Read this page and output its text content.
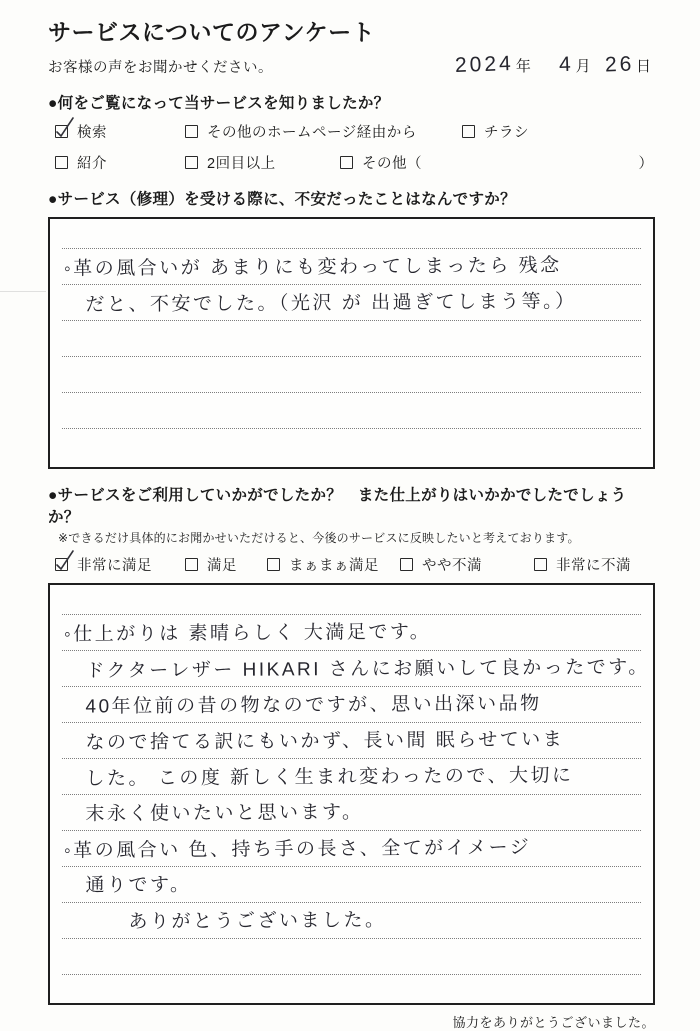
サービスについてのアンケート
お客様の声をお聞かせください。	2024 年 4 月 26 日
●何をご覧になって当サービスを知りましたか？
検索	その他のホームページ経由から	チラシ
紹介	2回目以上	その他（	）
●サービス（修理）を受ける際に、不安だったことはなんですか？
◦革の風合いが あまりにも変わってしまったら 残念
　だと、不安でした。（光沢 が 出過ぎてしまう等。）
●サービスをご利用していかがでしたか？　また仕上がりはいかかでしたでしょうか？
※できるだけ具体的にお聞かせいただけると、今後のサービスに反映したいと考えております。
非常に満足	満足	まぁまぁ満足	やや不満	非常に不満
◦仕上がりは 素晴らしく 大満足です。
　ドクターレザー HIKARI さんにお願いして良かったです。
　40年位前の昔の物なのですが、思い出深い品物
　なので捨てる訳にもいかず、長い間 眠らせていま
　した。 この度 新しく生まれ変わったので、大切に
　末永く使いたいと思います。
◦革の風合い 色、持ち手の長さ、全てがイメージ
　通りです。
　　　ありがとうございました。
協力をありがとうございました。
